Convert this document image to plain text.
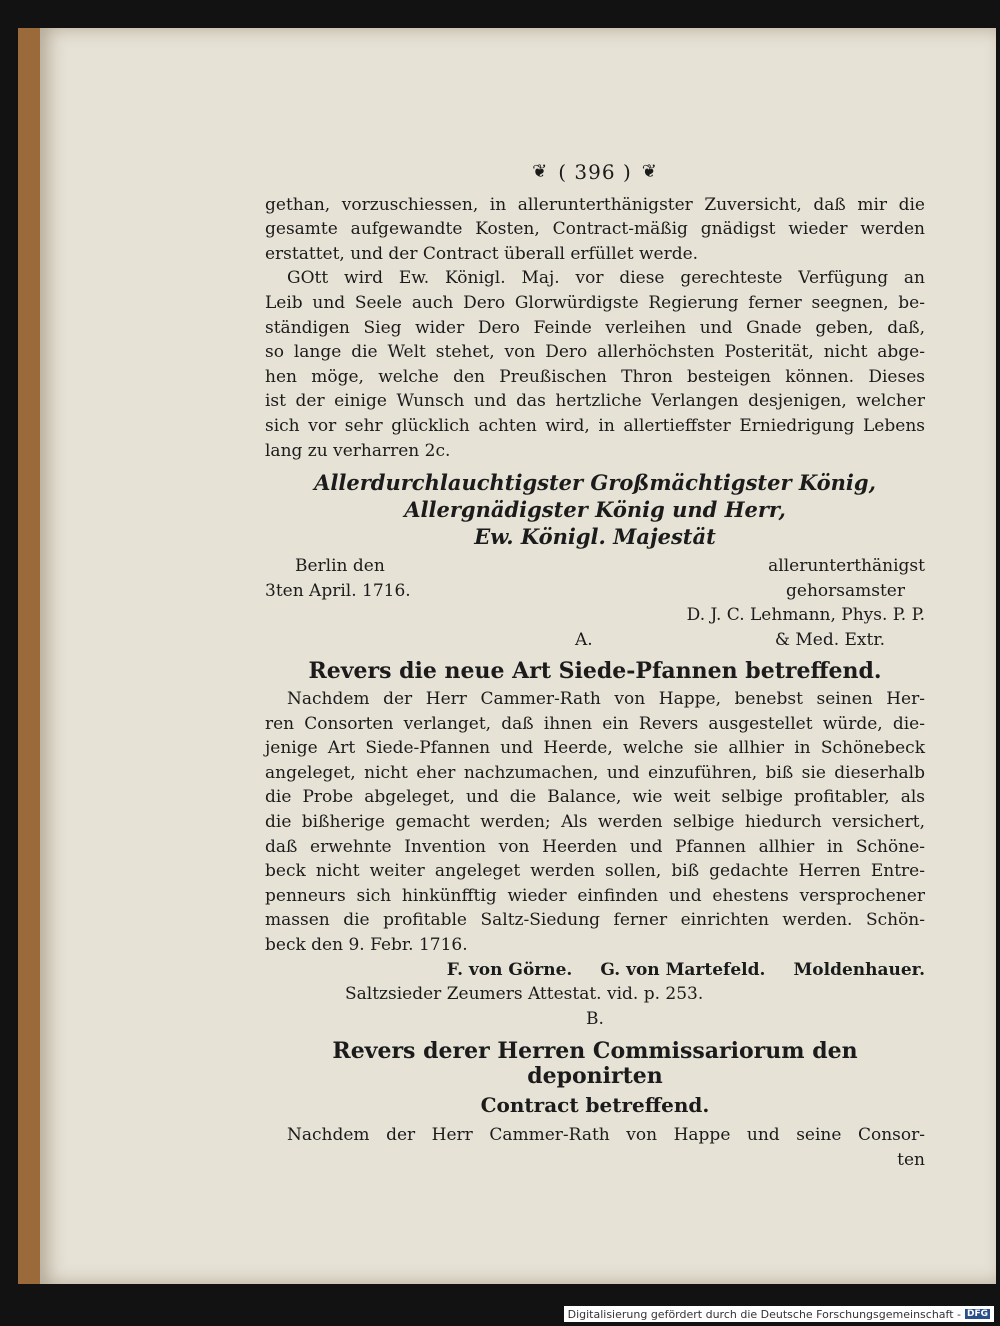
❦ ( 396 ) ❦

gethan, vorzuschiessen, in allerunterthänigster Zuversicht, daß mir die

gesamte aufgewandte Kosten, Contract-mäßig gnädigst wieder werden

erstattet, und der Contract überall erfüllet werde.

GOtt wird Ew. Königl. Maj. vor diese gerechteste Verfügung an

Leib und Seele auch Dero Glorwürdigste Regierung ferner seegnen, be-

ständigen Sieg wider Dero Feinde verleihen und Gnade geben, daß,

so lange die Welt stehet, von Dero allerhöchsten Posterität, nicht abge-

hen möge, welche den Preußischen Thron besteigen können. Dieses

ist der einige Wunsch und das hertzliche Verlangen desjenigen, welcher

sich vor sehr glücklich achten wird, in allertieffster Erniedrigung Lebens

lang zu verharren 2c.

Allerdurchlauchtigster Großmächtigster König,
Allergnädigster König und Herr,
Ew. Königl. Majestät
Berlin den	allerunterthänigst
3ten April. 1716.	gehorsamster
D. J. C. Lehmann, Phys. P. P.
A.	& Med. Extr.
Revers die neue Art Siede-Pfannen betreffend.

Nachdem der Herr Cammer-Rath von Happe, benebst seinen Her-

ren Consorten verlanget, daß ihnen ein Revers ausgestellet würde, die-

jenige Art Siede-Pfannen und Heerde, welche sie allhier in Schönebeck

angeleget, nicht eher nachzumachen, und einzuführen, biß sie dieserhalb

die Probe abgeleget, und die Balance, wie weit selbige profitabler, als

die bißherige gemacht werden; Als werden selbige hiedurch versichert,

daß erwehnte Invention von Heerden und Pfannen allhier in Schöne-

beck nicht weiter angeleget werden sollen, biß gedachte Herren Entre-

penneurs sich hinkünfftig wieder einfinden und ehestens versprochener

massen die profitable Saltz-Siedung ferner einrichten werden. Schön-

beck den 9. Febr. 1716.

F. von Görne. G. von Martefeld. Moldenhauer.
Saltzsieder Zeumers Attestat. vid. p. 253.
B.
Revers derer Herren Commissariorum den deponirten
Contract betreffend.

Nachdem der Herr Cammer-Rath von Happe und seine Consor-

ten
Digitalisierung gefördert durch die Deutsche Forschungsgemeinschaft - DFG
